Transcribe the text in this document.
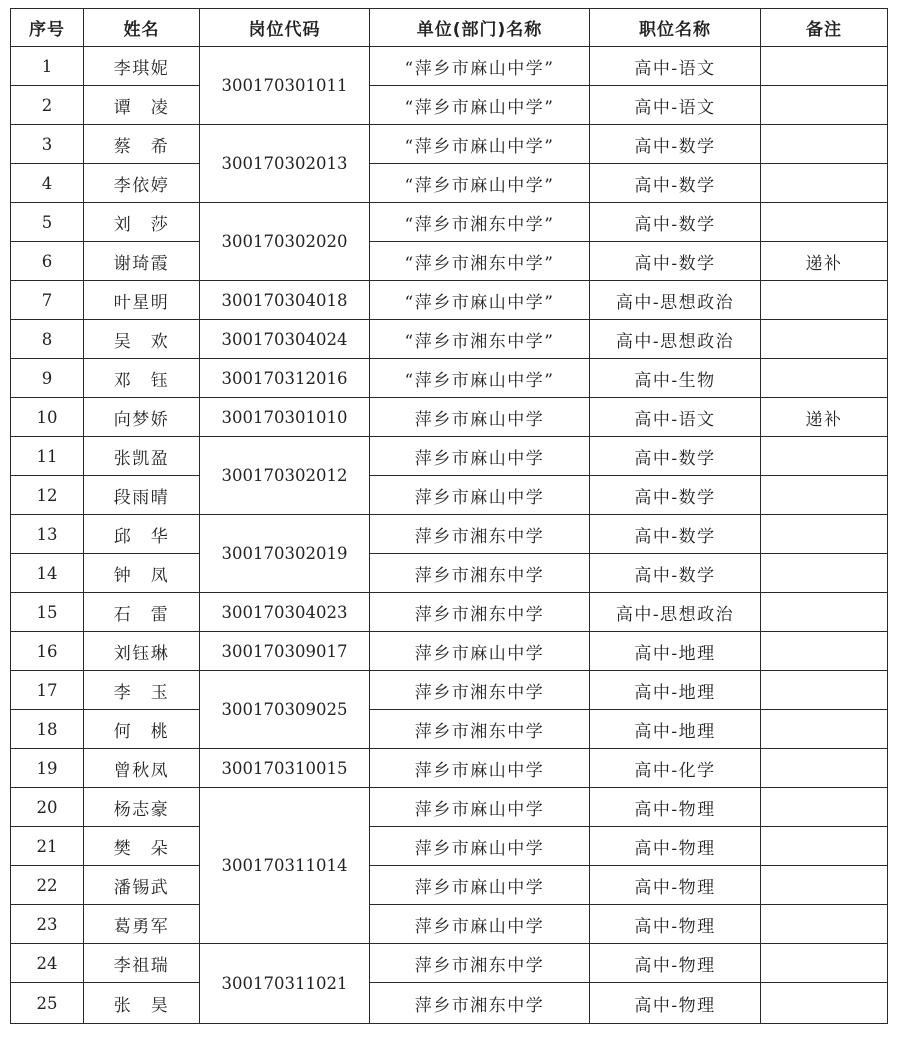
序号	姓名	岗位代码	单位(部门)名称	职位名称	备注
1	李琪妮	300170301011	“萍乡市麻山中学”	高中-语文	
2	谭　凌		“萍乡市麻山中学”	高中-语文	
3	蔡　希	300170302013	“萍乡市麻山中学”	高中-数学	
4	李依婷		“萍乡市麻山中学”	高中-数学	
5	刘　莎	300170302020	“萍乡市湘东中学”	高中-数学	
6	谢琦霞		“萍乡市湘东中学”	高中-数学	递补
7	叶星明	300170304018	“萍乡市麻山中学”	高中-思想政治	
8	吴　欢	300170304024	“萍乡市湘东中学”	高中-思想政治	
9	邓　钰	300170312016	“萍乡市麻山中学”	高中-生物	
10	向梦娇	300170301010	萍乡市麻山中学	高中-语文	递补
11	张凯盈	300170302012	萍乡市麻山中学	高中-数学	
12	段雨晴		萍乡市麻山中学	高中-数学	
13	邱　华	300170302019	萍乡市湘东中学	高中-数学	
14	钟　凤		萍乡市湘东中学	高中-数学	
15	石　雷	300170304023	萍乡市湘东中学	高中-思想政治	
16	刘钰琳	300170309017	萍乡市麻山中学	高中-地理	
17	李　玉	300170309025	萍乡市湘东中学	高中-地理	
18	何　桃		萍乡市湘东中学	高中-地理	
19	曾秋凤	300170310015	萍乡市麻山中学	高中-化学	
20	杨志豪	300170311014	萍乡市麻山中学	高中-物理	
21	樊　朵		萍乡市麻山中学	高中-物理	
22	潘锡武		萍乡市麻山中学	高中-物理	
23	葛勇军		萍乡市麻山中学	高中-物理	
24	李祖瑞	300170311021	萍乡市湘东中学	高中-物理	
25	张　昊		萍乡市湘东中学	高中-物理	
